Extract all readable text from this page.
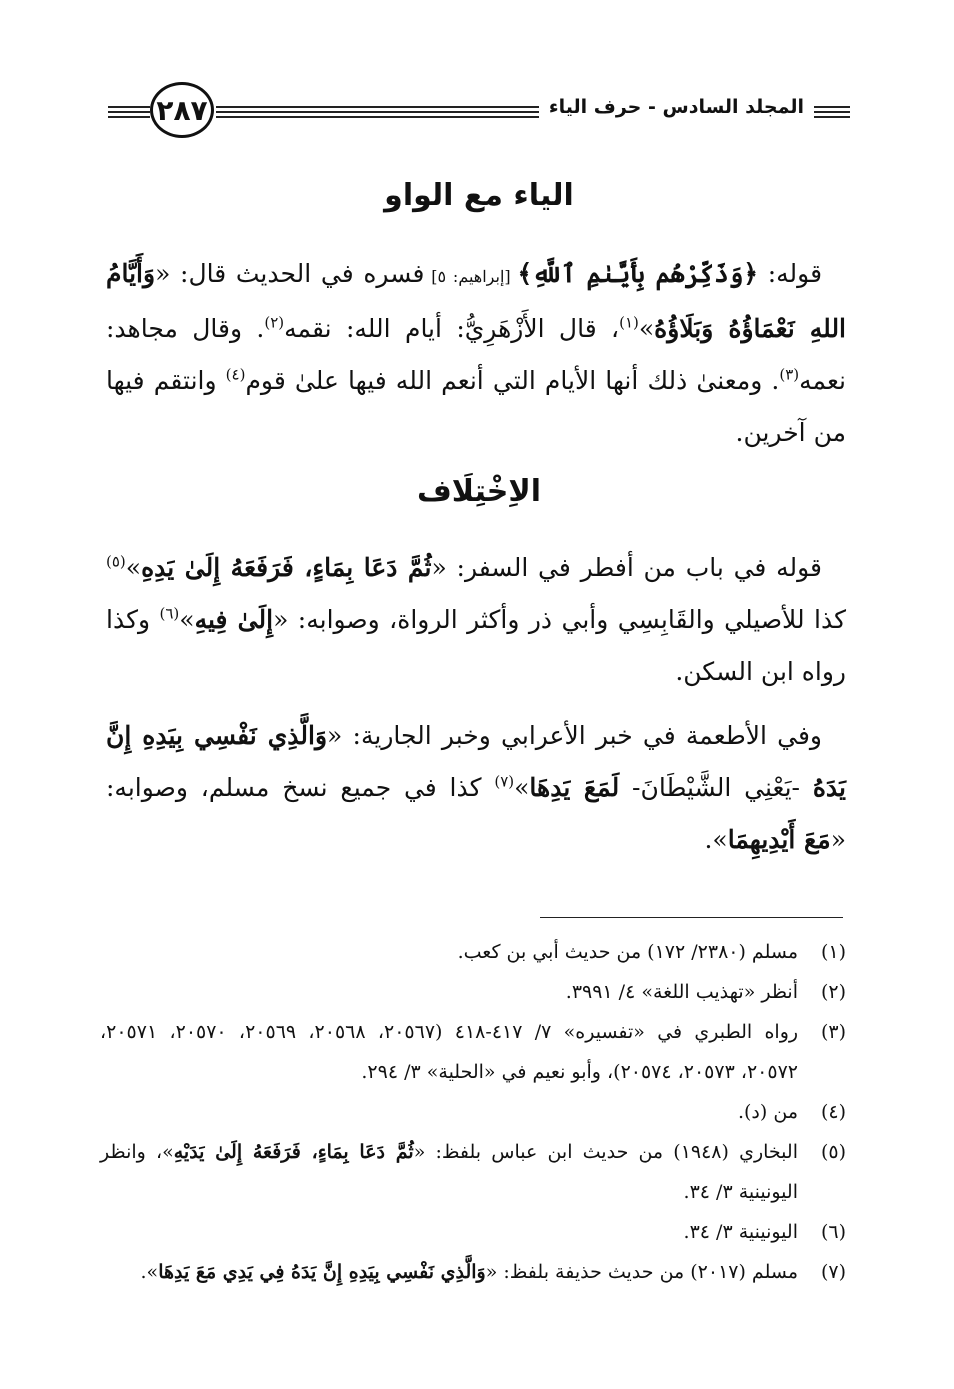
٢٨٧	المجلد السادس - حرف الياء
الياء مع الواو

قوله: ﴿وَذَكِّرْهُم بِأَيَّىٰمِ ٱللَّهِ﴾ [إبراهيم: ٥] فسره في الحديث قال: «وَأَيَّامُ اللهِ نَعْمَاؤُهُ وَبَلَاؤُهُ»$^{(١)}$، قال الأَزْهَرِيُّ: أيام الله: نقمه$^{(٢)}$. وقال مجاهد: نعمه$^{(٣)}$. ومعنىٰ ذلك أنها الأيام التي أنعم الله فيها علىٰ قوم$^{(٤)}$ وانتقم فيها من آخرين.

الاِخْتِلَاف

قوله في باب من أفطر في السفر: «ثُمَّ دَعَا بِمَاءٍ، فَرَفَعَهُ إِلَىٰ يَدِهِ»$^{(٥)}$ كذا للأصيلي والقَابِسِي وأبي ذر وأكثر الرواة، وصوابه: «إِلَىٰ فِيهِ»$^{(٦)}$ وكذا رواه ابن السكن.

وفي الأطعمة في خبر الأعرابي وخبر الجارية: «وَالَّذِي نَفْسِي بِيَدِهِ إِنَّ يَدَهُ -يَعْنِي الشَّيْطَانَ- لَمَعَ يَدِهَا»$^{(٧)}$ كذا في جميع نسخ مسلم، وصوابه: «مَعَ أَيْدِيهِمَا».

(١)
مسلم (٢٣٨٠/ ١٧٢) من حديث أبي بن كعب.
(٢)
أنظر «تهذيب اللغة» ٤/ ٣٩٩١.
(٣)
رواه الطبري في «تفسيره» ٧/ ٤١٧-٤١٨ (٢٠٥٦٧، ٢٠٥٦٨، ٢٠٥٦٩، ٢٠٥٧٠، ٢٠٥٧١، ٢٠٥٧٢، ٢٠٥٧٣، ٢٠٥٧٤)، وأبو نعيم في «الحلية» ٣/ ٢٩٤.
(٤)
من (د).
(٥)
البخاري (١٩٤٨) من حديث ابن عباس بلفظ: «ثُمَّ دَعَا بِمَاءٍ، فَرَفَعَهُ إِلَىٰ يَدَيْهِ»، وانظر اليونينية ٣/ ٣٤.
(٦)
اليونينية ٣/ ٣٤.
(٧)
مسلم (٢٠١٧) من حديث حذيفة بلفظ: «وَالَّذِي نَفْسِي بِيَدِهِ إِنَّ يَدَهُ فِي يَدِي مَعَ يَدِهَا».
